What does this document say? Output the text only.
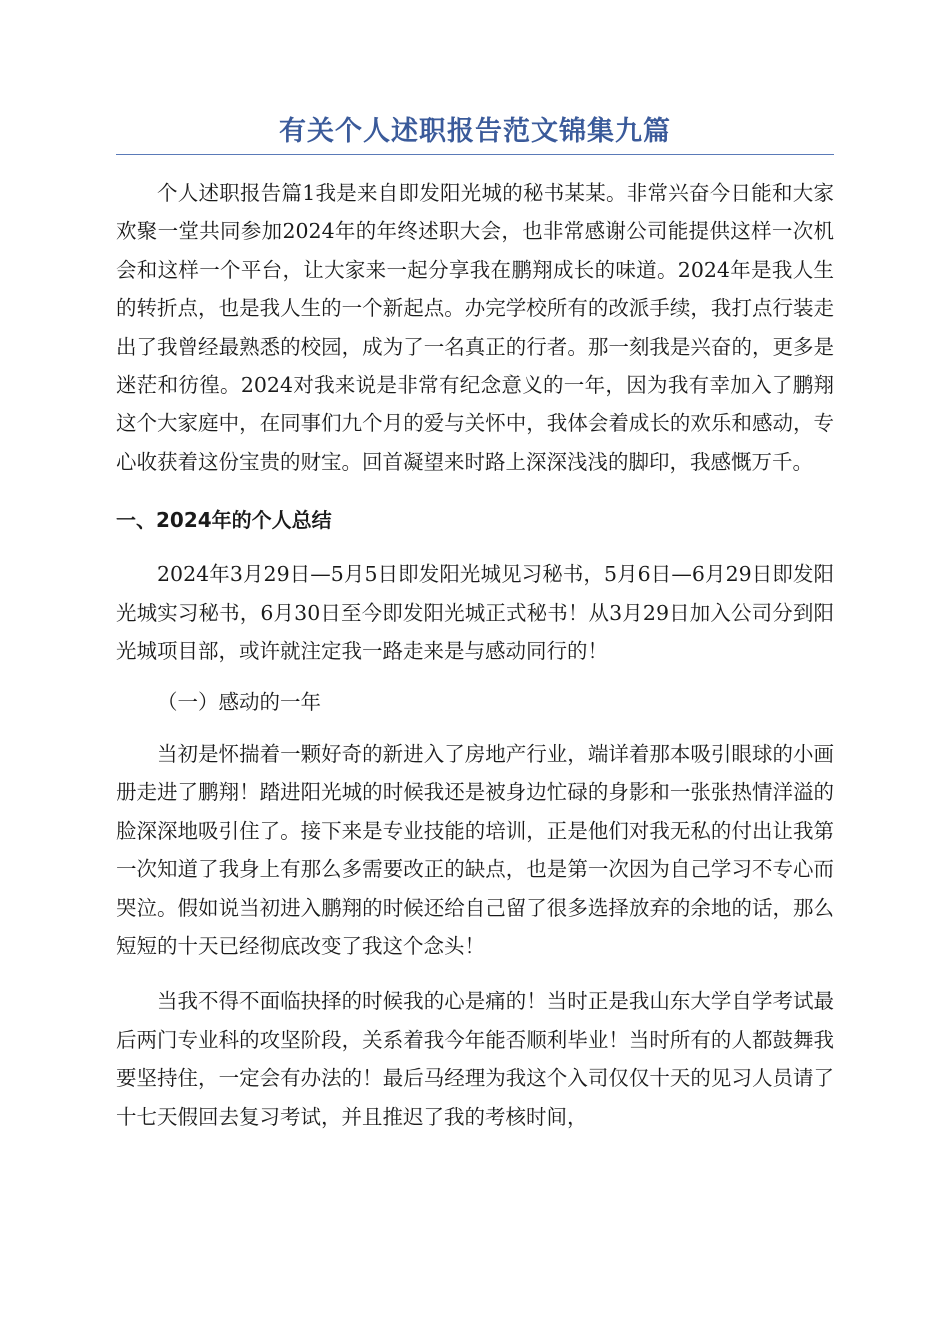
有关个人述职报告范文锦集九篇

个人述职报告篇1我是来自即发阳光城的秘书某某。非常兴奋今日能和大家欢聚一堂共同参加2024年的年终述职大会，也非常感谢公司能提供这样一次机会和这样一个平台，让大家来一起分享我在鹏翔成长的味道。2024年是我人生的转折点，也是我人生的一个新起点。办完学校所有的改派手续，我打点行装走出了我曾经最熟悉的校园，成为了一名真正的行者。那一刻我是兴奋的，更多是迷茫和彷徨。2024对我来说是非常有纪念意义的一年，因为我有幸加入了鹏翔这个大家庭中，在同事们九个月的爱与关怀中，我体会着成长的欢乐和感动，专心收获着这份宝贵的财宝。回首凝望来时路上深深浅浅的脚印，我感慨万千。

一、2024年的个人总结

2024年3月29日—5月5日即发阳光城见习秘书，5月6日—6月29日即发阳光城实习秘书，6月30日至今即发阳光城正式秘书！从3月29日加入公司分到阳光城项目部，或许就注定我一路走来是与感动同行的！

（一）感动的一年

当初是怀揣着一颗好奇的新进入了房地产行业，端详着那本吸引眼球的小画册走进了鹏翔！踏进阳光城的时候我还是被身边忙碌的身影和一张张热情洋溢的脸深深地吸引住了。接下来是专业技能的培训，正是他们对我无私的付出让我第一次知道了我身上有那么多需要改正的缺点，也是第一次因为自己学习不专心而哭泣。假如说当初进入鹏翔的时候还给自己留了很多选择放弃的余地的话，那么短短的十天已经彻底改变了我这个念头！

当我不得不面临抉择的时候我的心是痛的！当时正是我山东大学自学考试最后两门专业科的攻坚阶段，关系着我今年能否顺利毕业！当时所有的人都鼓舞我要坚持住，一定会有办法的！最后马经理为我这个入司仅仅十天的见习人员请了十七天假回去复习考试，并且推迟了我的考核时间，
